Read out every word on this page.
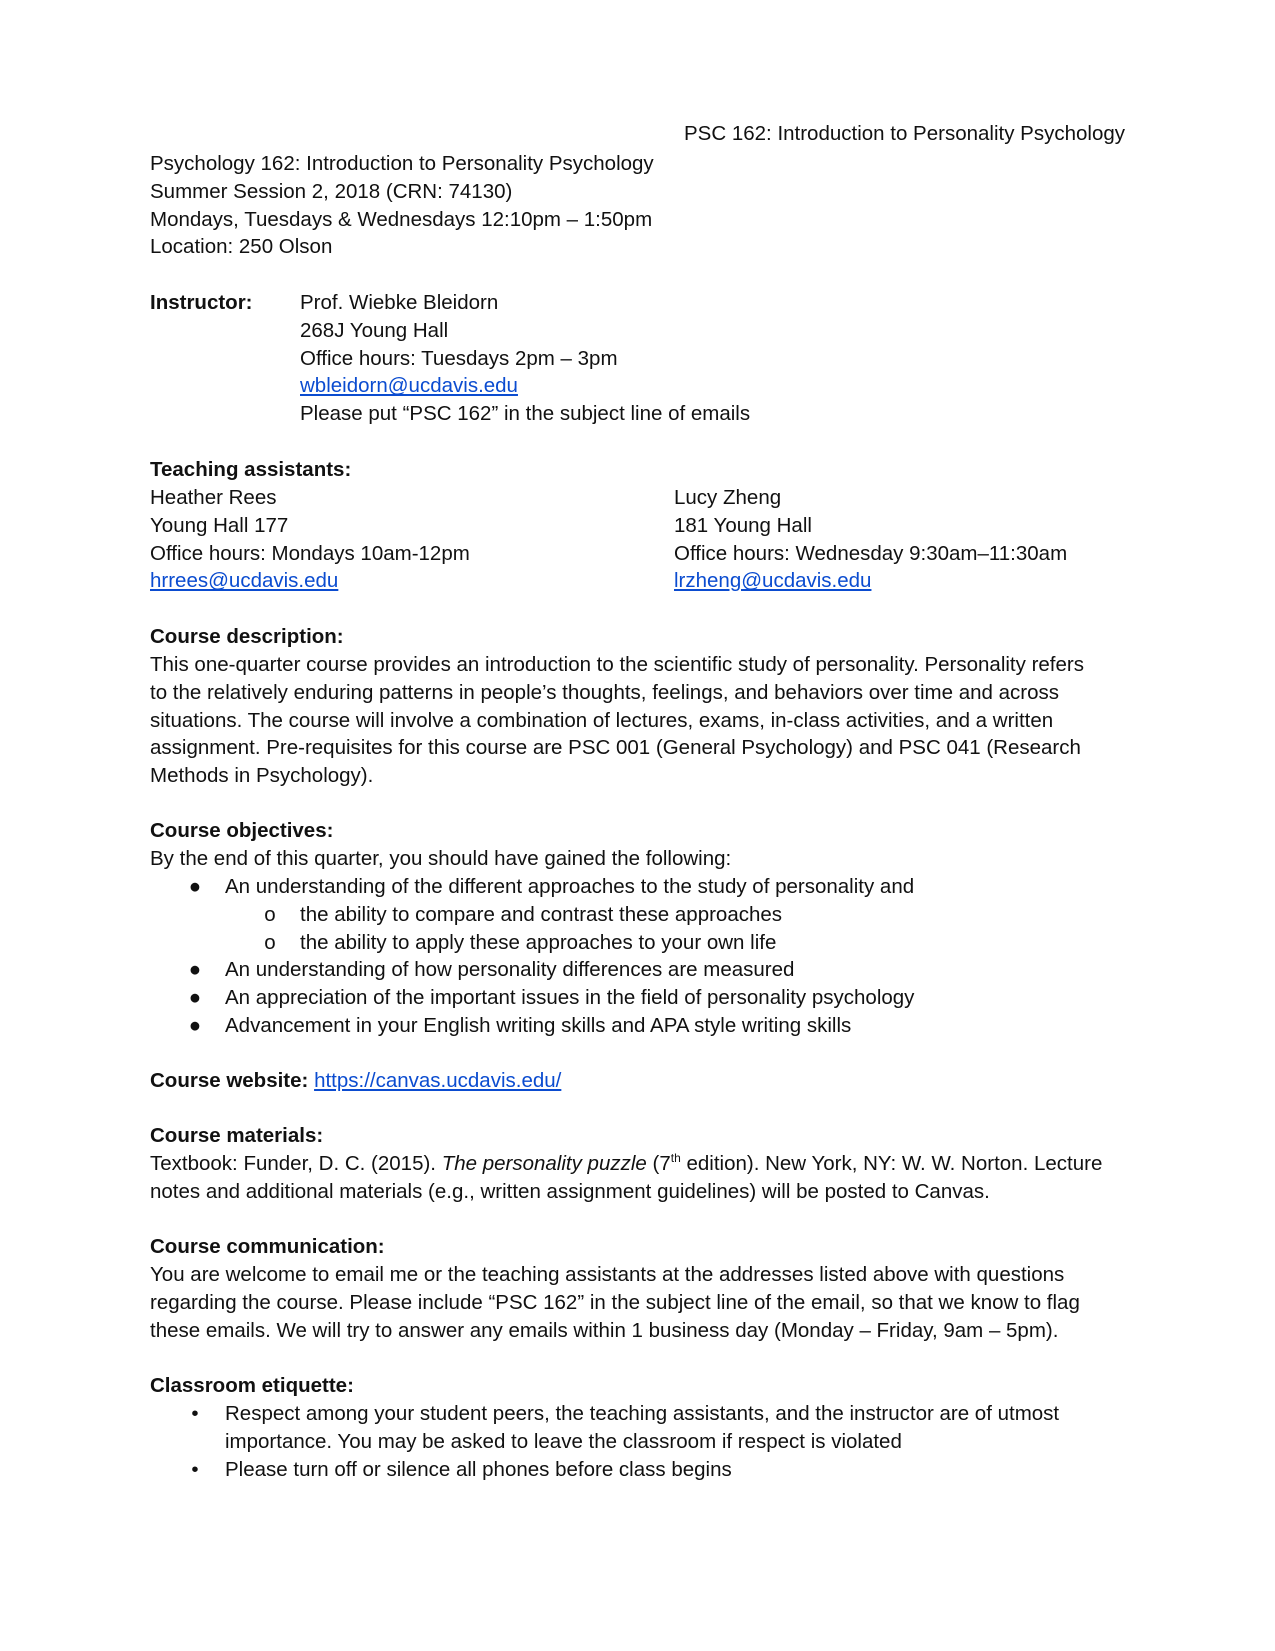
PSC 162: Introduction to Personality Psychology
Psychology 162: Introduction to Personality Psychology
Summer Session 2, 2018 (CRN: 74130)
Mondays, Tuesdays & Wednesdays 12:10pm – 1:50pm
Location: 250 Olson
Instructor: Prof. Wiebke Bleidorn
268J Young Hall
Office hours: Tuesdays 2pm – 3pm
wbleidorn@ucdavis.edu
Please put “PSC 162” in the subject line of emails
Teaching assistants:
Heather Rees
Young Hall 177
Office hours: Mondays 10am-12pm
hrrees@ucdavis.edu
Lucy Zheng
181 Young Hall
Office hours: Wednesday 9:30am–11:30am
lrzheng@ucdavis.edu
Course description:
This one-quarter course provides an introduction to the scientific study of personality. Personality refers
to the relatively enduring patterns in people’s thoughts, feelings, and behaviors over time and across
situations. The course will involve a combination of lectures, exams, in-class activities, and a written
assignment. Pre-requisites for this course are PSC 001 (General Psychology) and PSC 041 (Research
Methods in Psychology).
Course objectives:
By the end of this quarter, you should have gained the following:
●	An understanding of the different approaches to the study of personality and
o	the ability to compare and contrast these approaches
o	the ability to apply these approaches to your own life
●	An understanding of how personality differences are measured
●	An appreciation of the important issues in the field of personality psychology
●	Advancement in your English writing skills and APA style writing skills
Course website: https://canvas.ucdavis.edu/
Course materials:
Textbook: Funder, D. C. (2015). The personality puzzle (7th edition). New York, NY: W. W. Norton. Lecture
notes and additional materials (e.g., written assignment guidelines) will be posted to Canvas.
Course communication:
You are welcome to email me or the teaching assistants at the addresses listed above with questions
regarding the course. Please include “PSC 162” in the subject line of the email, so that we know to flag
these emails. We will try to answer any emails within 1 business day (Monday – Friday, 9am – 5pm).
Classroom etiquette:
•	Respect among your student peers, the teaching assistants, and the instructor are of utmost
importance. You may be asked to leave the classroom if respect is violated
•	Please turn off or silence all phones before class begins
